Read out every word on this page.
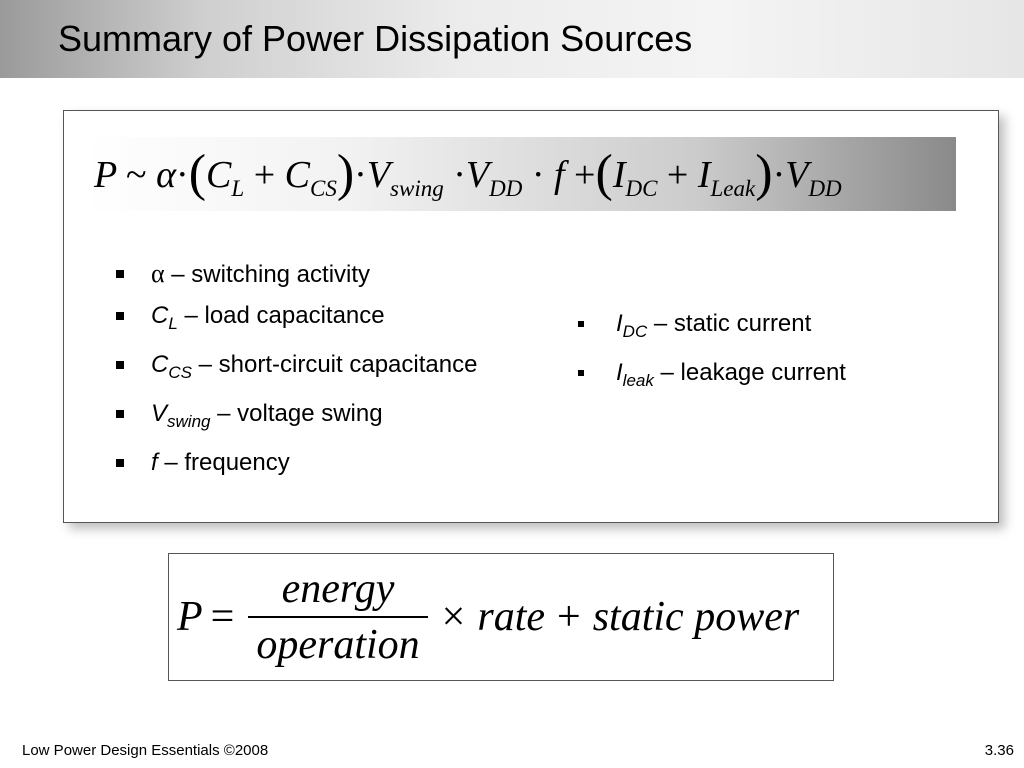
Summary of Power Dissipation Sources
P ~ $\alpha\cdot(C_L + C_{CS})\cdot V_{swing} \cdot V_{DD} \cdot f +(I_{DC} + I_{Leak})\cdot V_{DD}$
α – switching activity
$C_L$ – load capacitance
$C_{CS}$ – short-circuit capacitance
$V_{swing}$ – voltage swing
f – frequency
$I_{DC}$ – static current
$I_{leak}$ – leakage current
$P = \frac{\text{energy}}{\text{operation}}$ × rate + static power
Low Power Design Essentials ©2008	3.36
